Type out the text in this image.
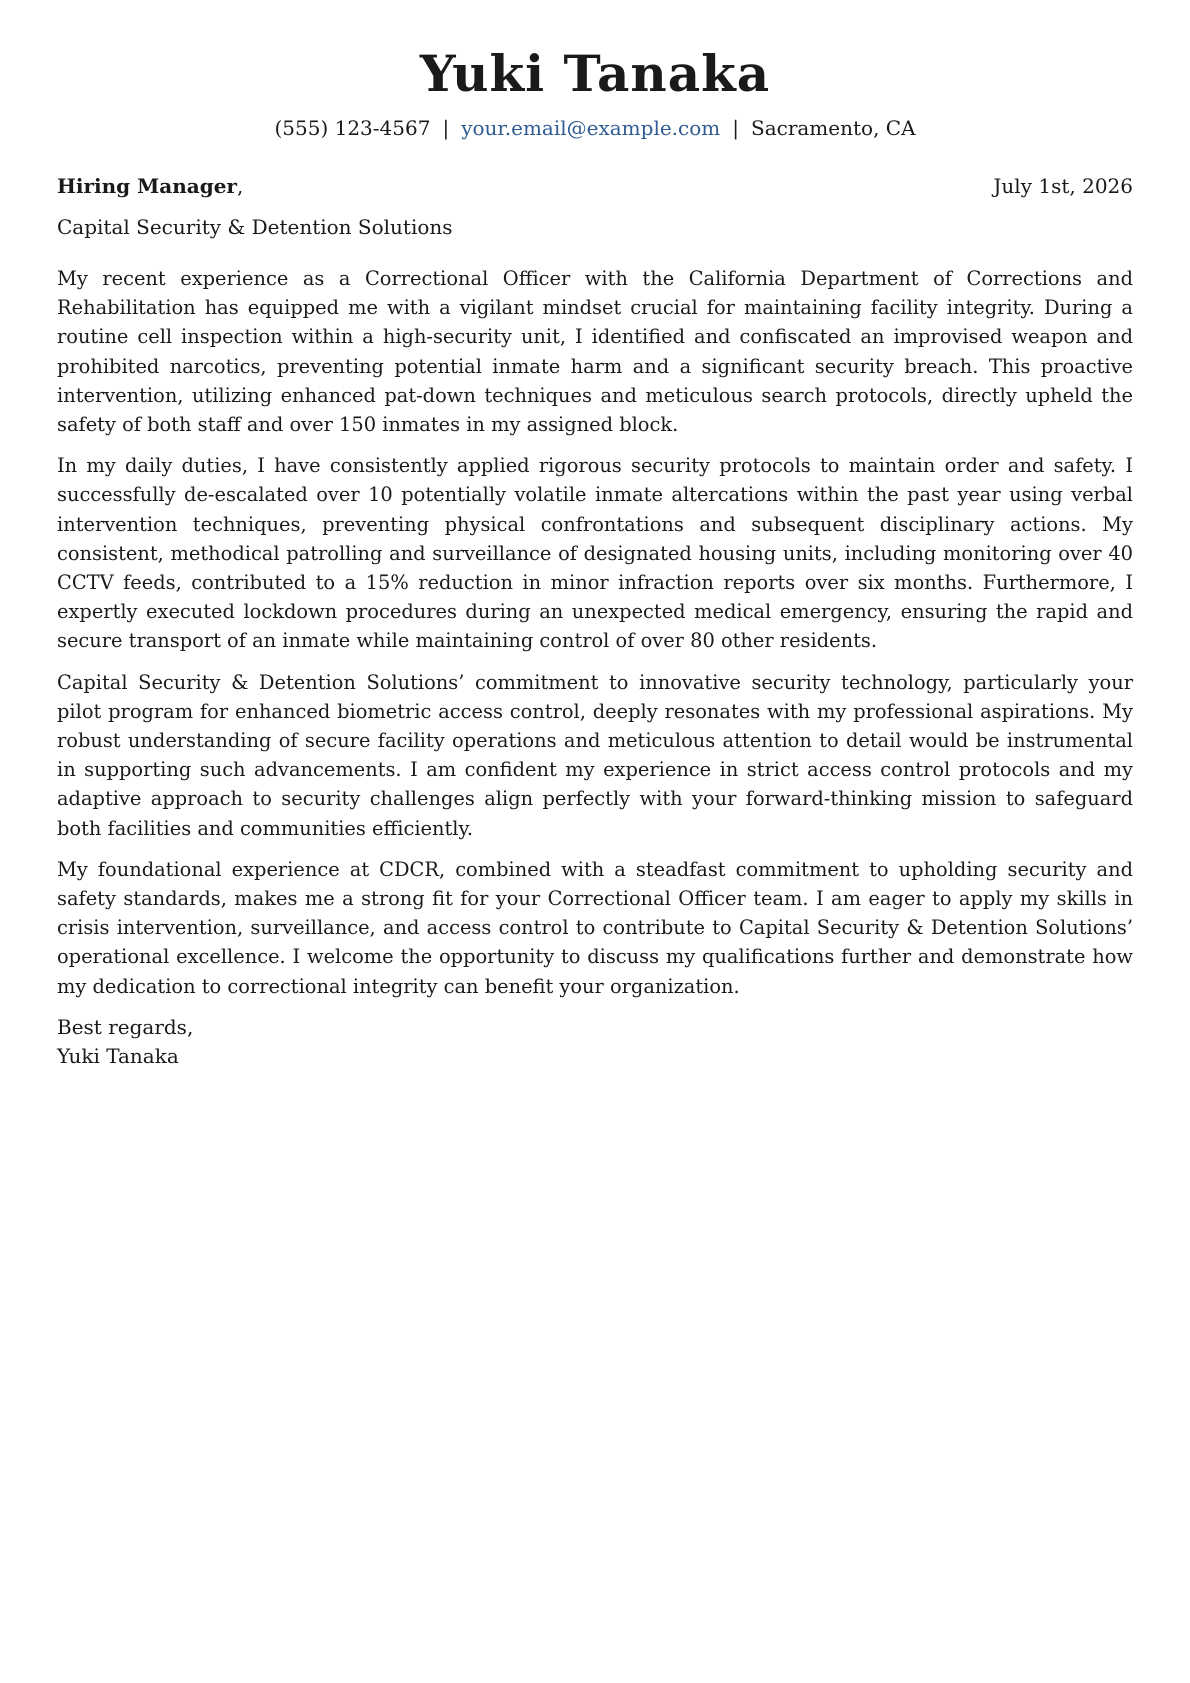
Yuki Tanaka
(555) 123-4567 | your.email@example.com | Sacramento, CA
Hiring Manager,	July 1st, 2026
Capital Security & Detention Solutions

My recent experience as a Correctional Officer with the California Department of Corrections and Rehabilitation has equipped me with a vigilant mindset crucial for maintaining facility integrity. During a routine cell inspection within a high-security unit, I identified and confiscated an improvised weapon and prohibited narcotics, preventing potential inmate harm and a significant security breach. This proactive intervention, utilizing enhanced pat-down techniques and meticulous search protocols, directly upheld the safety of both staff and over 150 inmates in my assigned block.

In my daily duties, I have consistently applied rigorous security protocols to maintain order and safety. I successfully de-escalated over 10 potentially volatile inmate altercations within the past year using verbal intervention techniques, preventing physical confrontations and subsequent disciplinary actions. My consistent, methodical patrolling and surveillance of designated housing units, including monitoring over 40 CCTV feeds, contributed to a 15% reduction in minor infraction reports over six months. Furthermore, I expertly executed lockdown procedures during an unexpected medical emergency, ensuring the rapid and secure transport of an inmate while maintaining control of over 80 other residents.

Capital Security & Detention Solutions’ commitment to innovative security technology, particularly your pilot program for enhanced biometric access control, deeply resonates with my professional aspirations. My robust understanding of secure facility operations and meticulous attention to detail would be instrumental in supporting such advancements. I am confident my experience in strict access control protocols and my adaptive approach to security challenges align perfectly with your forward-thinking mission to safeguard both facilities and communities efficiently.

My foundational experience at CDCR, combined with a steadfast commitment to upholding security and safety standards, makes me a strong fit for your Correctional Officer team. I am eager to apply my skills in crisis intervention, surveillance, and access control to contribute to Capital Security & Detention Solutions’ operational excellence. I welcome the opportunity to discuss my qualifications further and demonstrate how my dedication to correctional integrity can benefit your organization.

Best regards,
Yuki Tanaka
